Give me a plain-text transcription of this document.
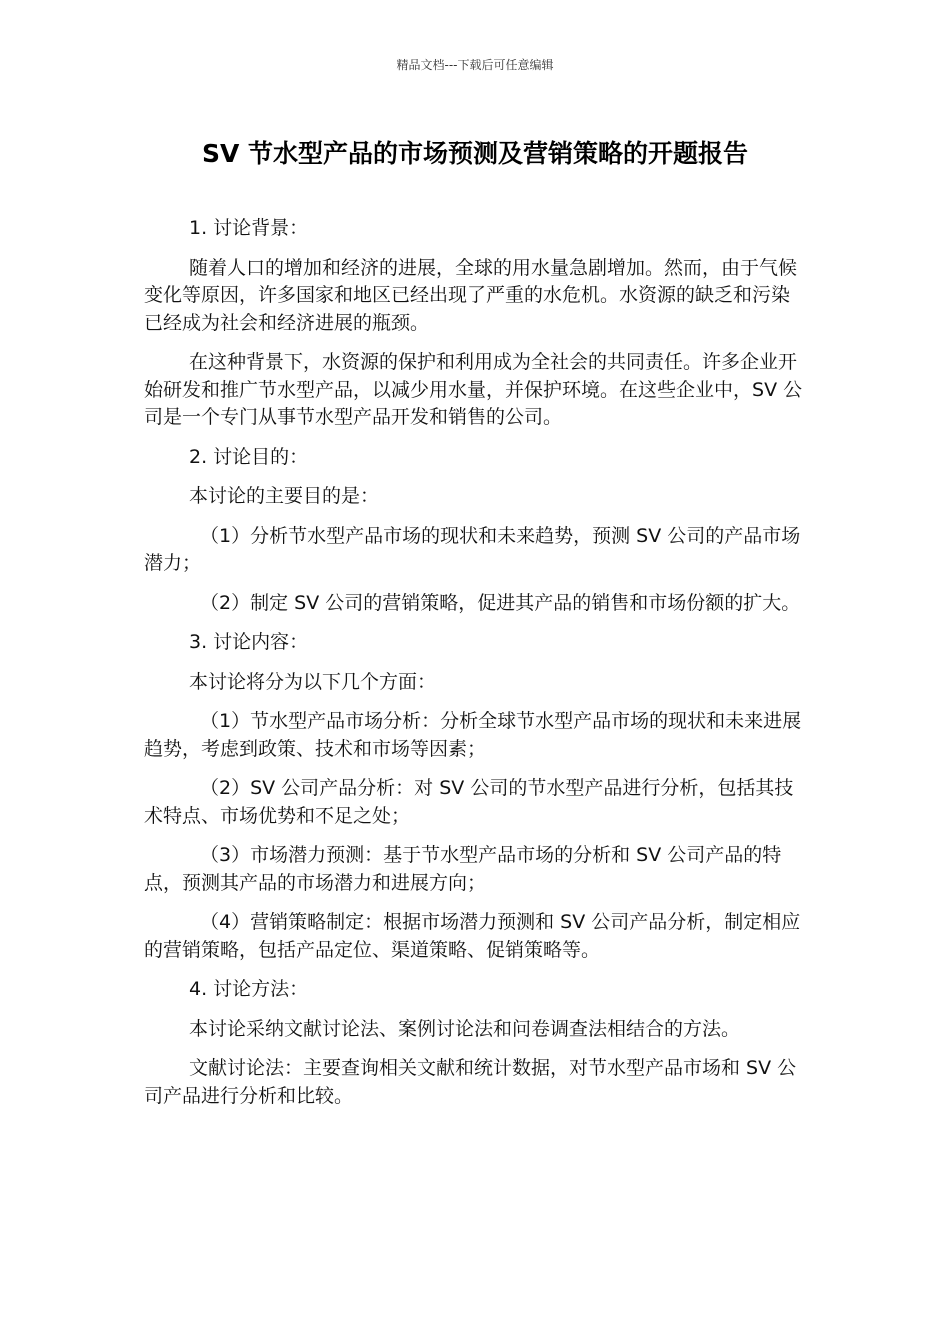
精品文档---下载后可任意编辑
SV 节水型产品的市场预测及营销策略的开题报告

1. 讨论背景：

随着人口的增加和经济的进展，全球的用水量急剧增加。然而，由于气候变化等原因，许多国家和地区已经出现了严重的水危机。水资源的缺乏和污染已经成为社会和经济进展的瓶颈。

在这种背景下，水资源的保护和利用成为全社会的共同责任。许多企业开始研发和推广节水型产品，以减少用水量，并保护环境。在这些企业中，SV 公司是一个专门从事节水型产品开发和销售的公司。

2. 讨论目的：

本讨论的主要目的是：

（1）分析节水型产品市场的现状和未来趋势，预测 SV 公司的产品市场潜力；

（2）制定 SV 公司的营销策略，促进其产品的销售和市场份额的扩大。

3. 讨论内容：

本讨论将分为以下几个方面：

（1）节水型产品市场分析：分析全球节水型产品市场的现状和未来进展趋势，考虑到政策、技术和市场等因素；

（2）SV 公司产品分析：对 SV 公司的节水型产品进行分析，包括其技术特点、市场优势和不足之处；

（3）市场潜力预测：基于节水型产品市场的分析和 SV 公司产品的特点，预测其产品的市场潜力和进展方向；

（4）营销策略制定：根据市场潜力预测和 SV 公司产品分析，制定相应的营销策略，包括产品定位、渠道策略、促销策略等。

4. 讨论方法：

本讨论采纳文献讨论法、案例讨论法和问卷调查法相结合的方法。

文献讨论法：主要查询相关文献和统计数据，对节水型产品市场和 SV 公司产品进行分析和比较。
